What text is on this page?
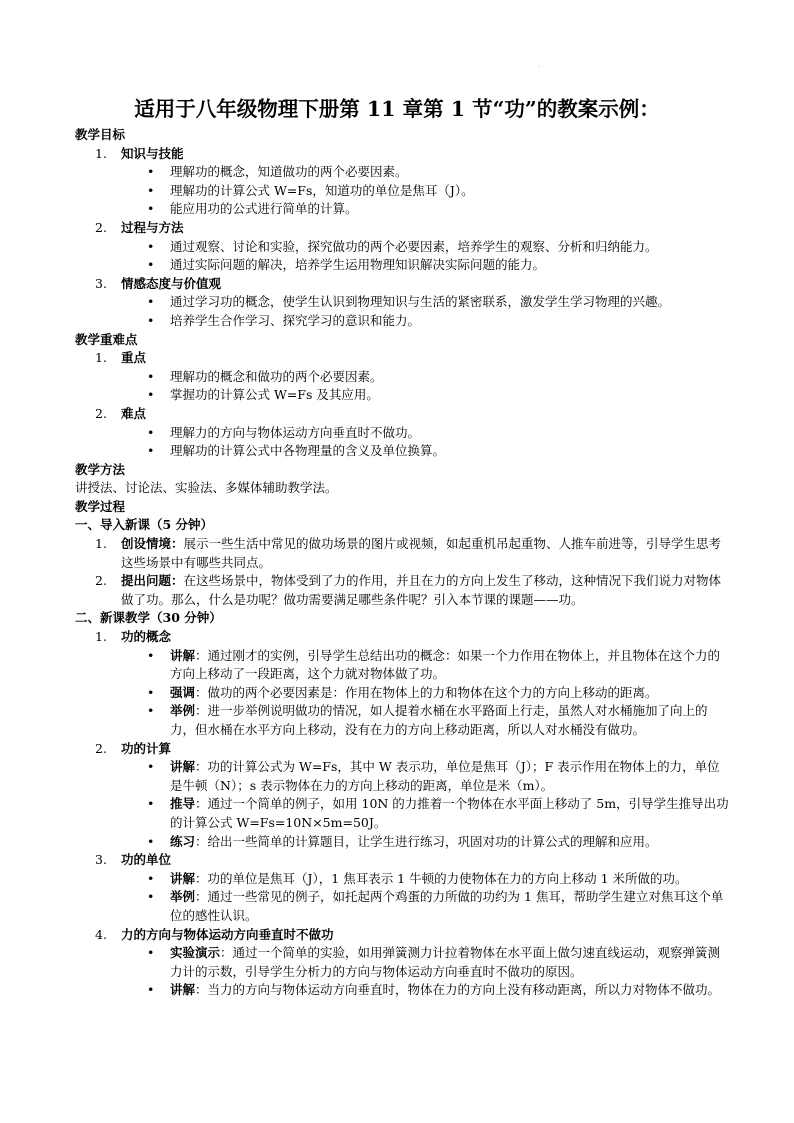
·
适用于八年级物理下册第 11 章第 1 节“功”的教案示例：
教学目标
1. 知识与技能
• 理解功的概念，知道做功的两个必要因素。
• 理解功的计算公式 W=Fs，知道功的单位是焦耳（J）。
• 能应用功的公式进行简单的计算。
2. 过程与方法
• 通过观察、讨论和实验，探究做功的两个必要因素，培养学生的观察、分析和归纳能力。
• 通过实际问题的解决，培养学生运用物理知识解决实际问题的能力。
3. 情感态度与价值观
• 通过学习功的概念，使学生认识到物理知识与生活的紧密联系，激发学生学习物理的兴趣。
• 培养学生合作学习、探究学习的意识和能力。
教学重难点
1. 重点
• 理解功的概念和做功的两个必要因素。
• 掌握功的计算公式 W=Fs 及其应用。
2. 难点
• 理解力的方向与物体运动方向垂直时不做功。
• 理解功的计算公式中各物理量的含义及单位换算。
教学方法
讲授法、讨论法、实验法、多媒体辅助教学法。
教学过程
一、导入新课（5 分钟）
1. 创设情境：展示一些生活中常见的做功场景的图片或视频，如起重机吊起重物、人推车前进等，引导学生思考这些场景中有哪些共同点。
2. 提出问题：在这些场景中，物体受到了力的作用，并且在力的方向上发生了移动，这种情况下我们说力对物体做了功。那么，什么是功呢？做功需要满足哪些条件呢？引入本节课的课题——功。
二、新课教学（30 分钟）
1. 功的概念
• 讲解：通过刚才的实例，引导学生总结出功的概念：如果一个力作用在物体上，并且物体在这个力的方向上移动了一段距离，这个力就对物体做了功。
• 强调：做功的两个必要因素是：作用在物体上的力和物体在这个力的方向上移动的距离。
• 举例：进一步举例说明做功的情况，如人提着水桶在水平路面上行走，虽然人对水桶施加了向上的力，但水桶在水平方向上移动，没有在力的方向上移动距离，所以人对水桶没有做功。
2. 功的计算
• 讲解：功的计算公式为 W=Fs，其中 W 表示功，单位是焦耳（J）；F 表示作用在物体上的力，单位是牛顿（N）；s 表示物体在力的方向上移动的距离，单位是米（m）。
• 推导：通过一个简单的例子，如用 10N 的力推着一个物体在水平面上移动了 5m，引导学生推导出功的计算公式 W=Fs=10N×5m=50J。
• 练习：给出一些简单的计算题目，让学生进行练习，巩固对功的计算公式的理解和应用。
3. 功的单位
• 讲解：功的单位是焦耳（J），1 焦耳表示 1 牛顿的力使物体在力的方向上移动 1 米所做的功。
• 举例：通过一些常见的例子，如托起两个鸡蛋的力所做的功约为 1 焦耳，帮助学生建立对焦耳这个单位的感性认识。
4. 力的方向与物体运动方向垂直时不做功
• 实验演示：通过一个简单的实验，如用弹簧测力计拉着物体在水平面上做匀速直线运动，观察弹簧测力计的示数，引导学生分析力的方向与物体运动方向垂直时不做功的原因。
• 讲解：当力的方向与物体运动方向垂直时，物体在力的方向上没有移动距离，所以力对物体不做功。
